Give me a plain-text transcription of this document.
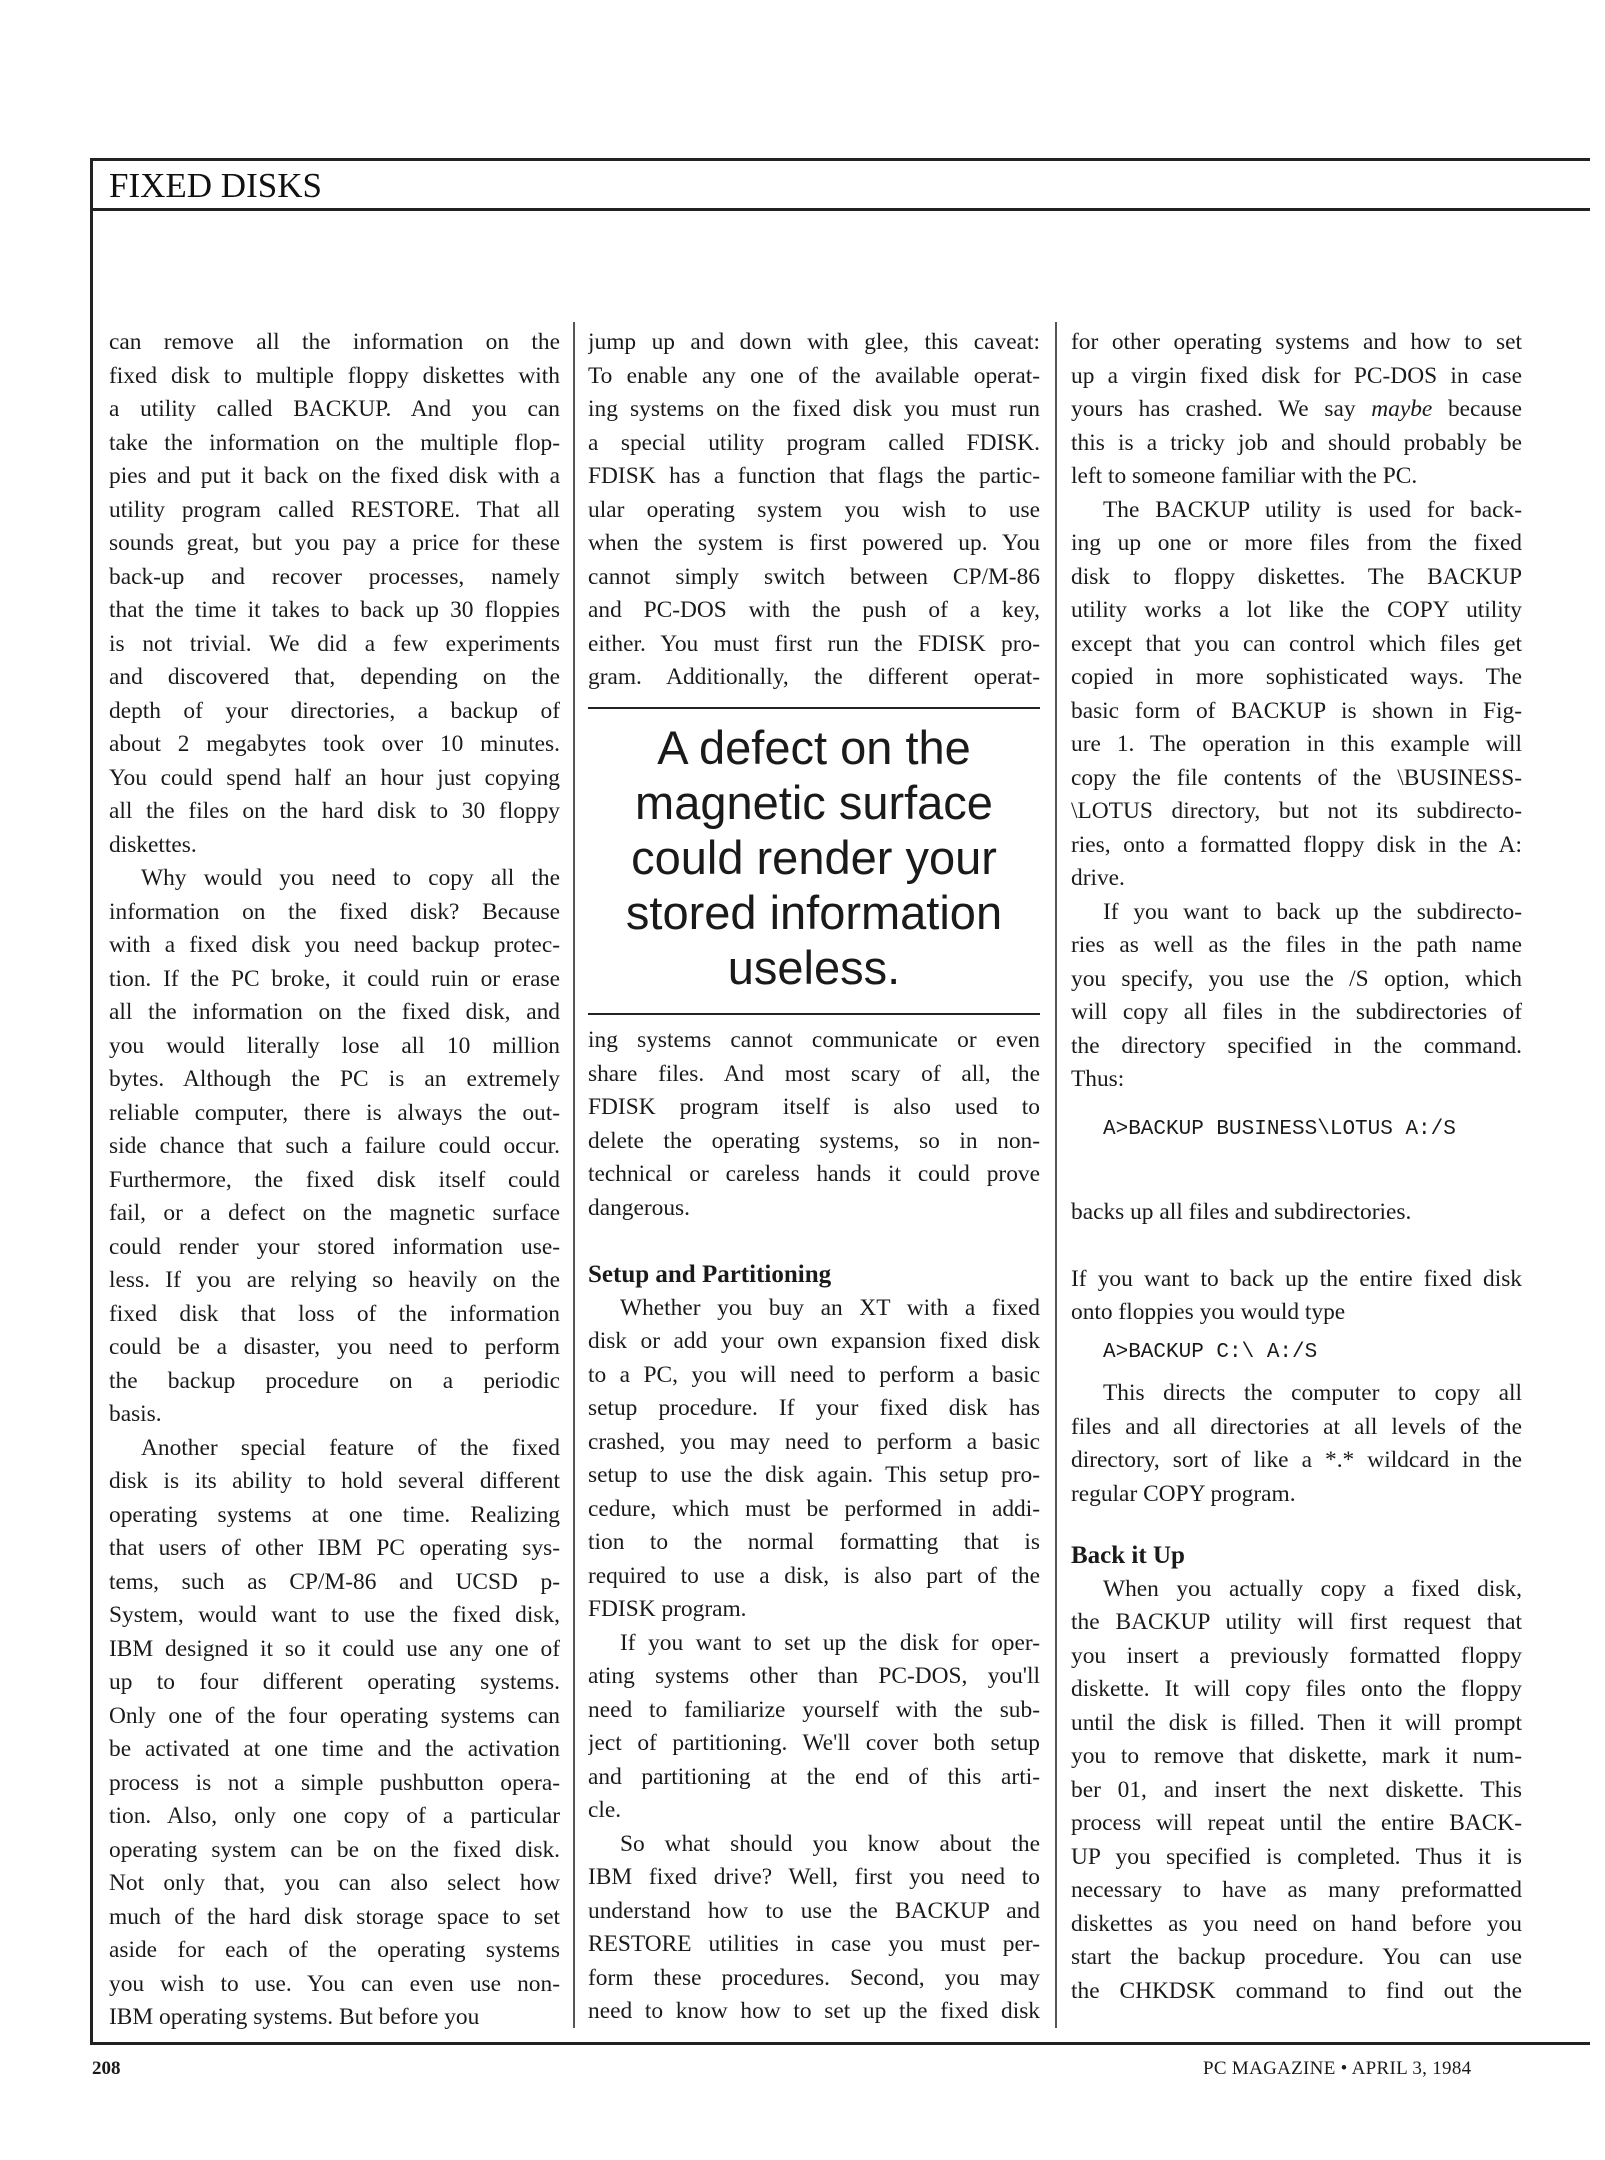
FIXED DISKS
can remove all the information on the
fixed disk to multiple floppy diskettes with
a utility called BACKUP. And you can
take the information on the multiple flop-
pies and put it back on the fixed disk with a
utility program called RESTORE. That all
sounds great, but you pay a price for these
back-up and recover processes, namely
that the time it takes to back up 30 floppies
is not trivial. We did a few experiments
and discovered that, depending on the
depth of your directories, a backup of
about 2 megabytes took over 10 minutes.
You could spend half an hour just copying
all the files on the hard disk to 30 floppy
diskettes.
Why would you need to copy all the
information on the fixed disk? Because
with a fixed disk you need backup protec-
tion. If the PC broke, it could ruin or erase
all the information on the fixed disk, and
you would literally lose all 10 million
bytes. Although the PC is an extremely
reliable computer, there is always the out-
side chance that such a failure could occur.
Furthermore, the fixed disk itself could
fail, or a defect on the magnetic surface
could render your stored information use-
less. If you are relying so heavily on the
fixed disk that loss of the information
could be a disaster, you need to perform
the backup procedure on a periodic
basis.
Another special feature of the fixed
disk is its ability to hold several different
operating systems at one time. Realizing
that users of other IBM PC operating sys-
tems, such as CP/M-86 and UCSD p-
System, would want to use the fixed disk,
IBM designed it so it could use any one of
up to four different operating systems.
Only one of the four operating systems can
be activated at one time and the activation
process is not a simple pushbutton opera-
tion. Also, only one copy of a particular
operating system can be on the fixed disk.
Not only that, you can also select how
much of the hard disk storage space to set
aside for each of the operating systems
you wish to use. You can even use non-
IBM operating systems. But before you
jump up and down with glee, this caveat:
To enable any one of the available operat-
ing systems on the fixed disk you must run
a special utility program called FDISK.
FDISK has a function that flags the partic-
ular operating system you wish to use
when the system is first powered up. You
cannot simply switch between CP/M-86
and PC-DOS with the push of a key,
either. You must first run the FDISK pro-
gram. Additionally, the different operat-
A defect on the
magnetic surface
could render your
stored information
useless.
ing systems cannot communicate or even
share files. And most scary of all, the
FDISK program itself is also used to
delete the operating systems, so in non-
technical or careless hands it could prove
dangerous.
Setup and Partitioning
Whether you buy an XT with a fixed
disk or add your own expansion fixed disk
to a PC, you will need to perform a basic
setup procedure. If your fixed disk has
crashed, you may need to perform a basic
setup to use the disk again. This setup pro-
cedure, which must be performed in addi-
tion to the normal formatting that is
required to use a disk, is also part of the
FDISK program.
If you want to set up the disk for oper-
ating systems other than PC-DOS, you'll
need to familiarize yourself with the sub-
ject of partitioning. We'll cover both setup
and partitioning at the end of this arti-
cle.
So what should you know about the
IBM fixed drive? Well, first you need to
understand how to use the BACKUP and
RESTORE utilities in case you must per-
form these procedures. Second, you may
need to know how to set up the fixed disk
for other operating systems and how to set
up a virgin fixed disk for PC-DOS in case
yours has crashed. We say maybe because
this is a tricky job and should probably be
left to someone familiar with the PC.
The BACKUP utility is used for back-
ing up one or more files from the fixed
disk to floppy diskettes. The BACKUP
utility works a lot like the COPY utility
except that you can control which files get
copied in more sophisticated ways. The
basic form of BACKUP is shown in Fig-
ure 1. The operation in this example will
copy the file contents of the \BUSINESS-
\LOTUS directory, but not its subdirecto-
ries, onto a formatted floppy disk in the A:
drive.
If you want to back up the subdirecto-
ries as well as the files in the path name
you specify, you use the /S option, which
will copy all files in the subdirectories of
the directory specified in the command.
Thus:
A>BACKUP BUSINESS\LOTUS A:/S
backs up all files and subdirectories.
If you want to back up the entire fixed disk
onto floppies you would type
A>BACKUP C:\ A:/S
This directs the computer to copy all
files and all directories at all levels of the
directory, sort of like a *.* wildcard in the
regular COPY program.
Back it Up
When you actually copy a fixed disk,
the BACKUP utility will first request that
you insert a previously formatted floppy
diskette. It will copy files onto the floppy
until the disk is filled. Then it will prompt
you to remove that diskette, mark it num-
ber 01, and insert the next diskette. This
process will repeat until the entire BACK-
UP you specified is completed. Thus it is
necessary to have as many preformatted
diskettes as you need on hand before you
start the backup procedure. You can use
the CHKDSK command to find out the
208	PC MAGAZINE • APRIL 3, 1984
